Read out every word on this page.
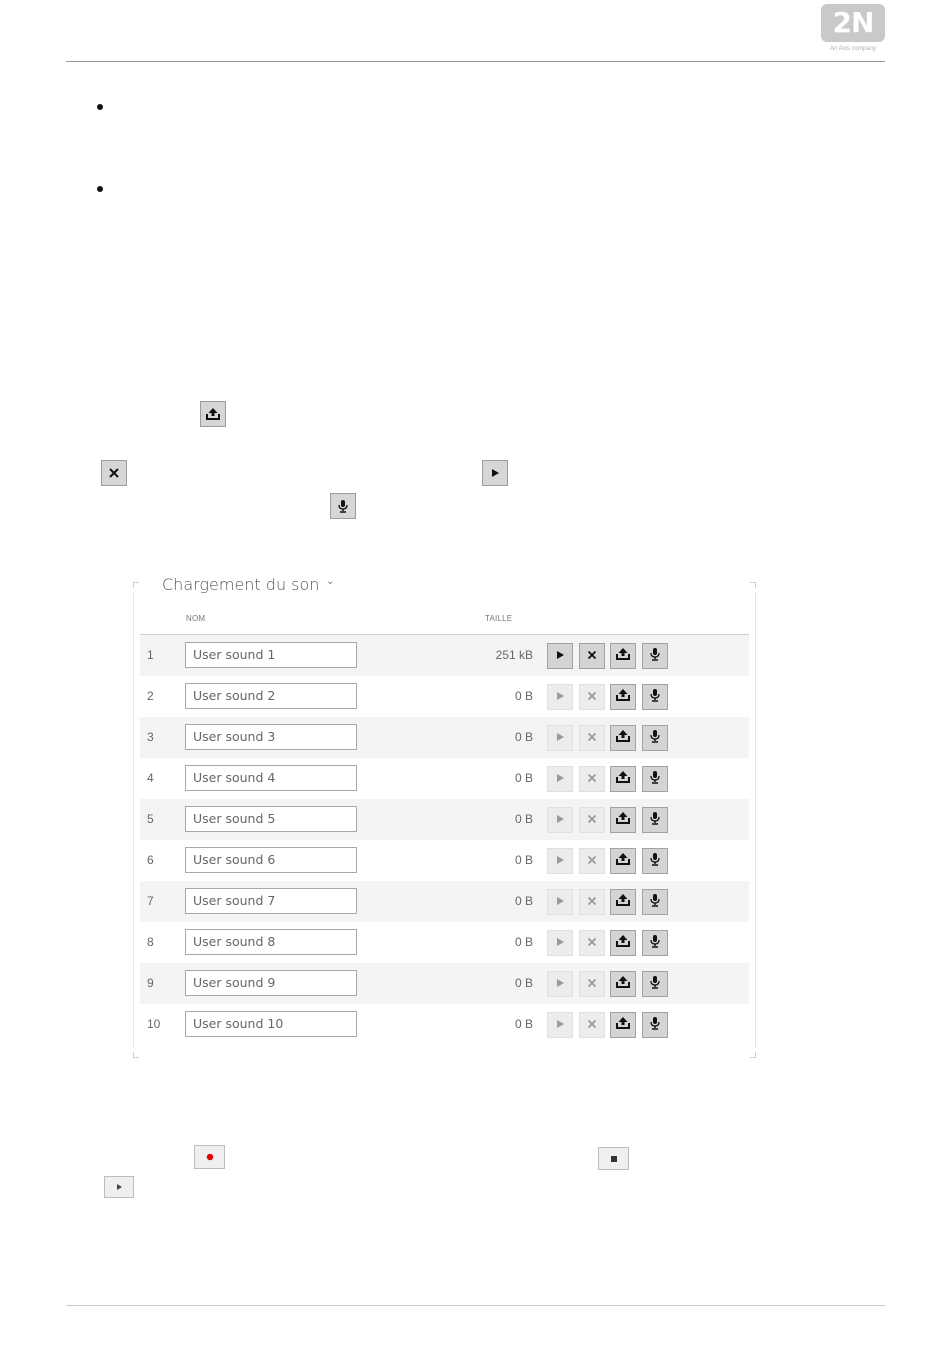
2N
An Axis company
Chargement du son ⌄
NOM	TAILLE
1	User sound 1	251 kB
2	User sound 2	0 B
3	User sound 3	0 B
4	User sound 4	0 B
5	User sound 5	0 B
6	User sound 6	0 B
7	User sound 7	0 B
8	User sound 8	0 B
9	User sound 9	0 B
10	User sound 10	0 B
